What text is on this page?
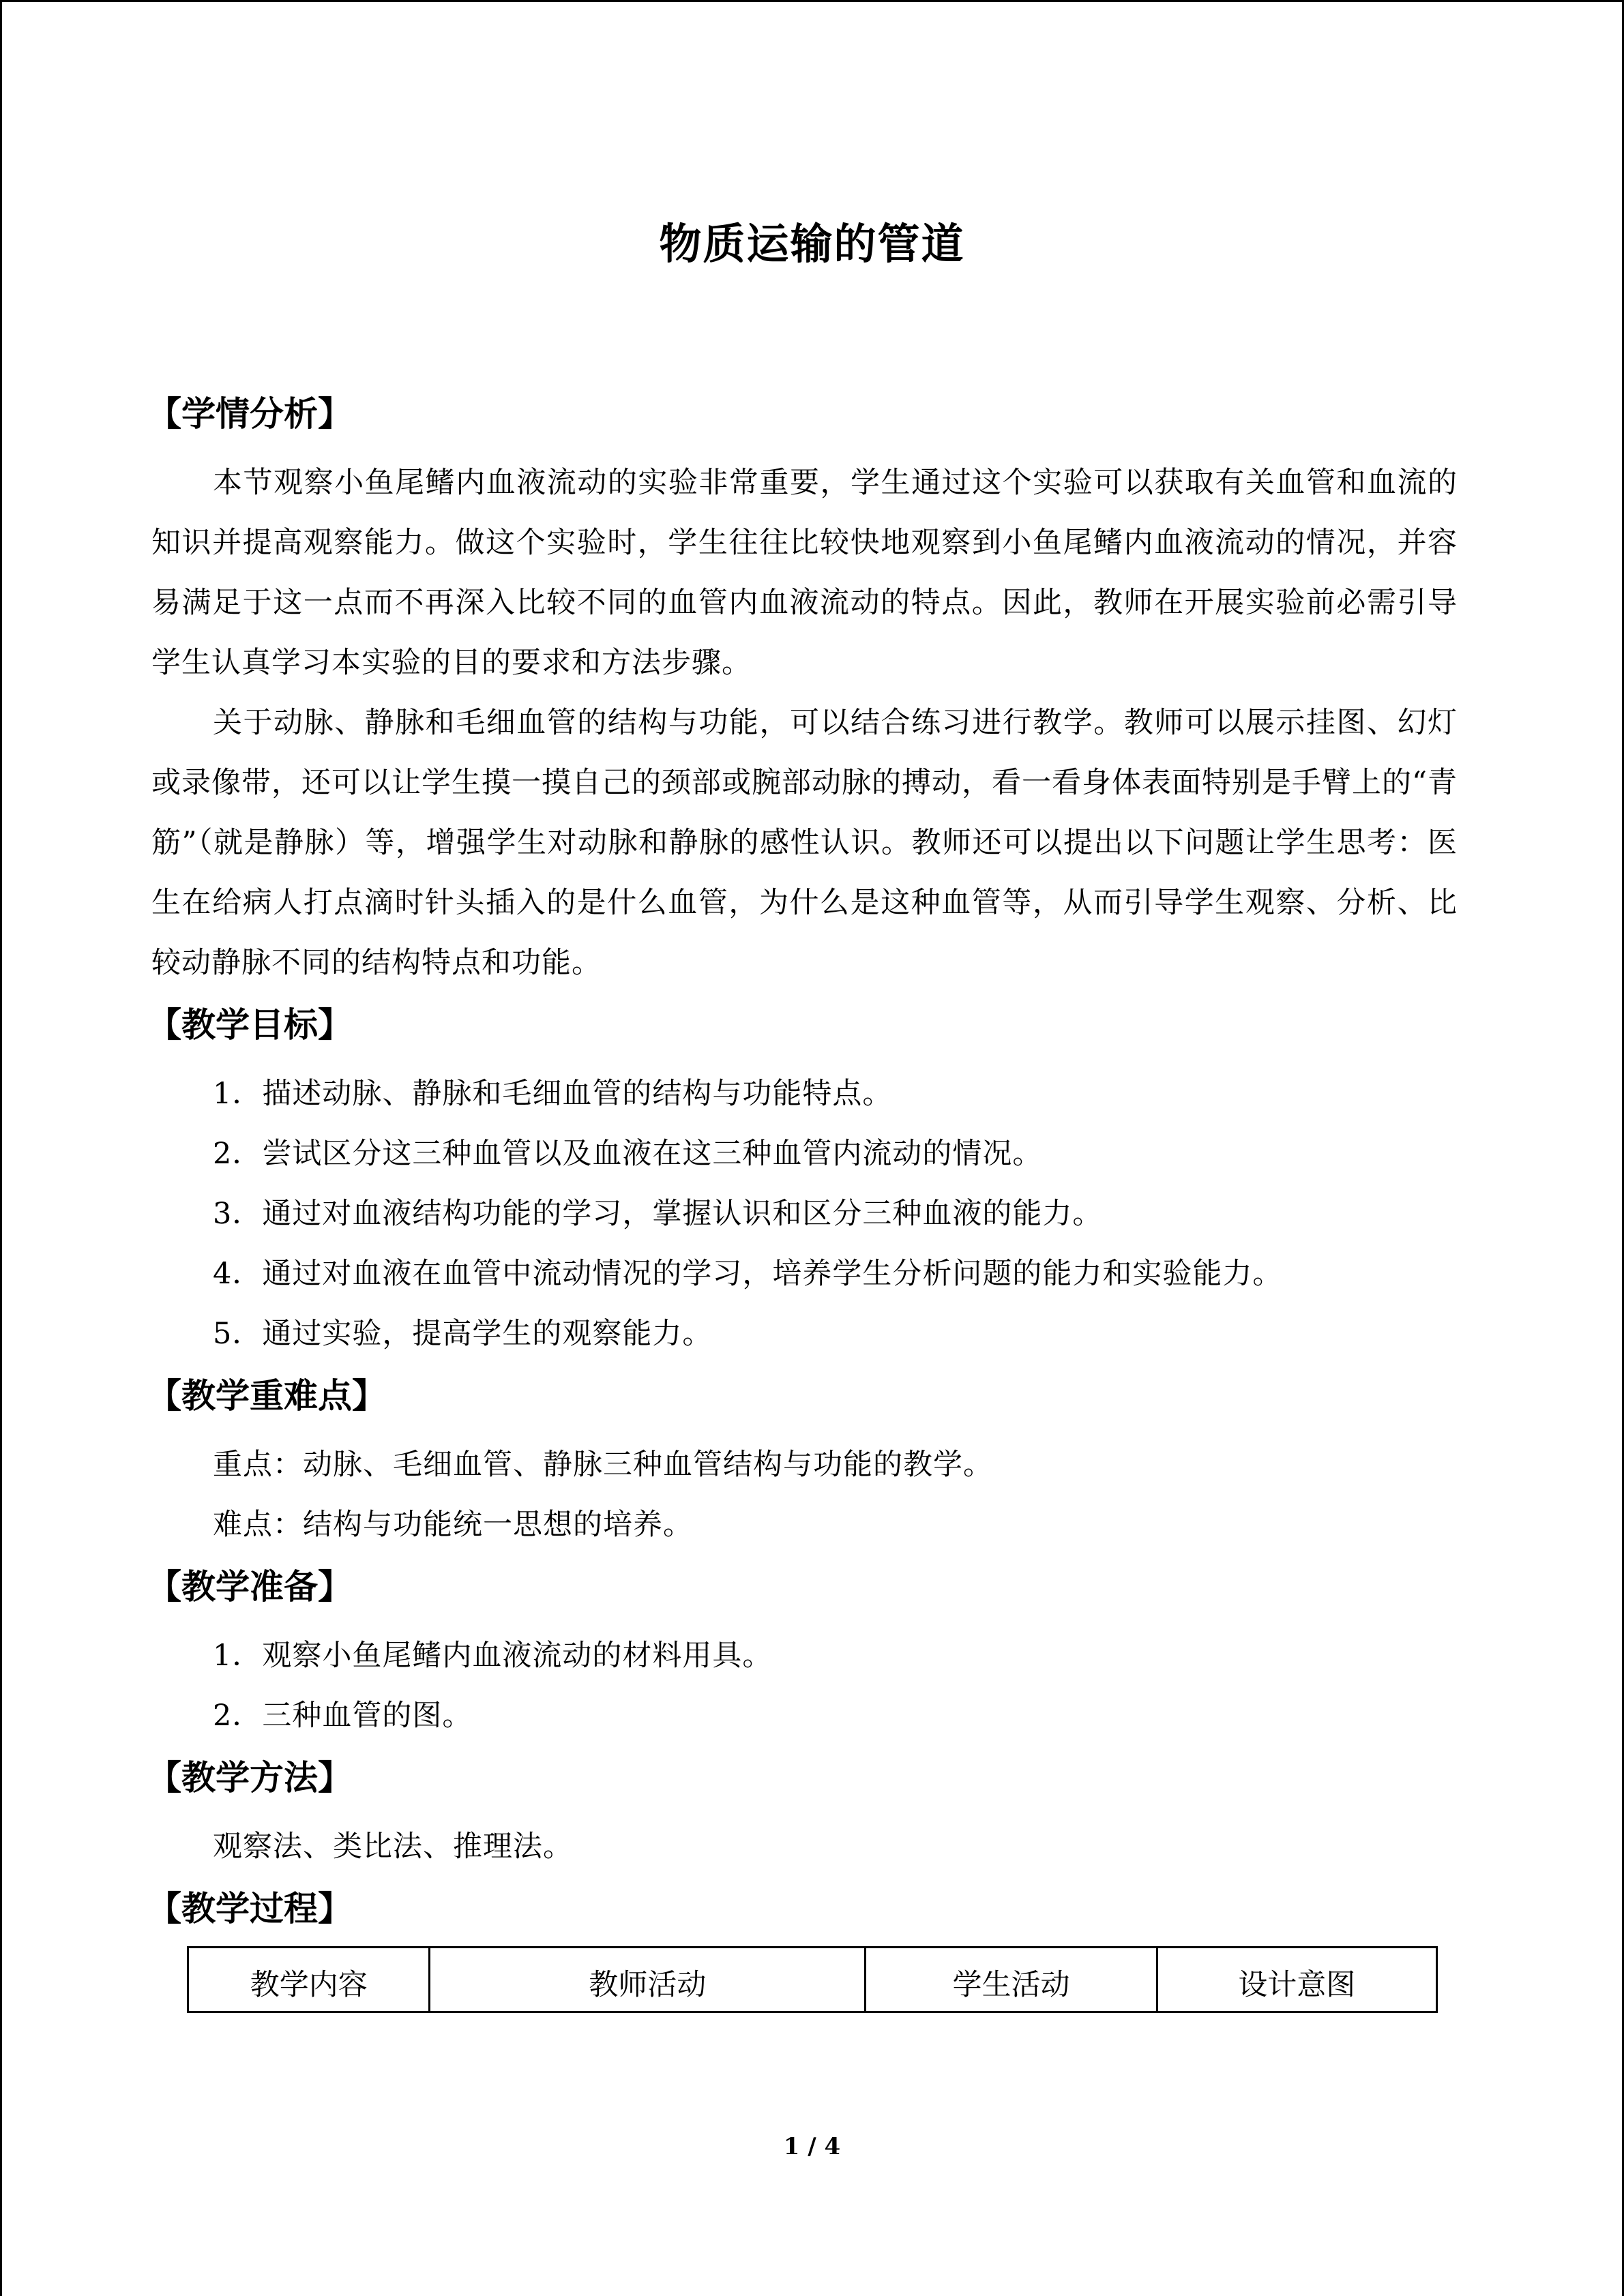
物质运输的管道
【学情分析】

本节观察小鱼尾鳍内血液流动的实验非常重要，学生通过这个实验可以获取有关血管和血流的知识并提高观察能力。做这个实验时，学生往往比较快地观察到小鱼尾鳍内血液流动的情况，并容易满足于这一点而不再深入比较不同的血管内血液流动的特点。因此，教师在开展实验前必需引导学生认真学习本实验的目的要求和方法步骤。

关于动脉、静脉和毛细血管的结构与功能，可以结合练习进行教学。教师可以展示挂图、幻灯或录像带，还可以让学生摸一摸自己的颈部或腕部动脉的搏动，看一看身体表面特别是手臂上的“青筋”（就是静脉）等，增强学生对动脉和静脉的感性认识。教师还可以提出以下问题让学生思考：医生在给病人打点滴时针头插入的是什么血管，为什么是这种血管等，从而引导学生观察、分析、比较动静脉不同的结构特点和功能。

【教学目标】

1．描述动脉、静脉和毛细血管的结构与功能特点。

2．尝试区分这三种血管以及血液在这三种血管内流动的情况。

3．通过对血液结构功能的学习，掌握认识和区分三种血液的能力。

4．通过对血液在血管中流动情况的学习，培养学生分析问题的能力和实验能力。

5．通过实验，提高学生的观察能力。

【教学重难点】

重点：动脉、毛细血管、静脉三种血管结构与功能的教学。

难点：结构与功能统一思想的培养。

【教学准备】

1．观察小鱼尾鳍内血液流动的材料用具。

2．三种血管的图。

【教学方法】

观察法、类比法、推理法。

【教学过程】
教学内容	教师活动	学生活动	设计意图
1 / 4
